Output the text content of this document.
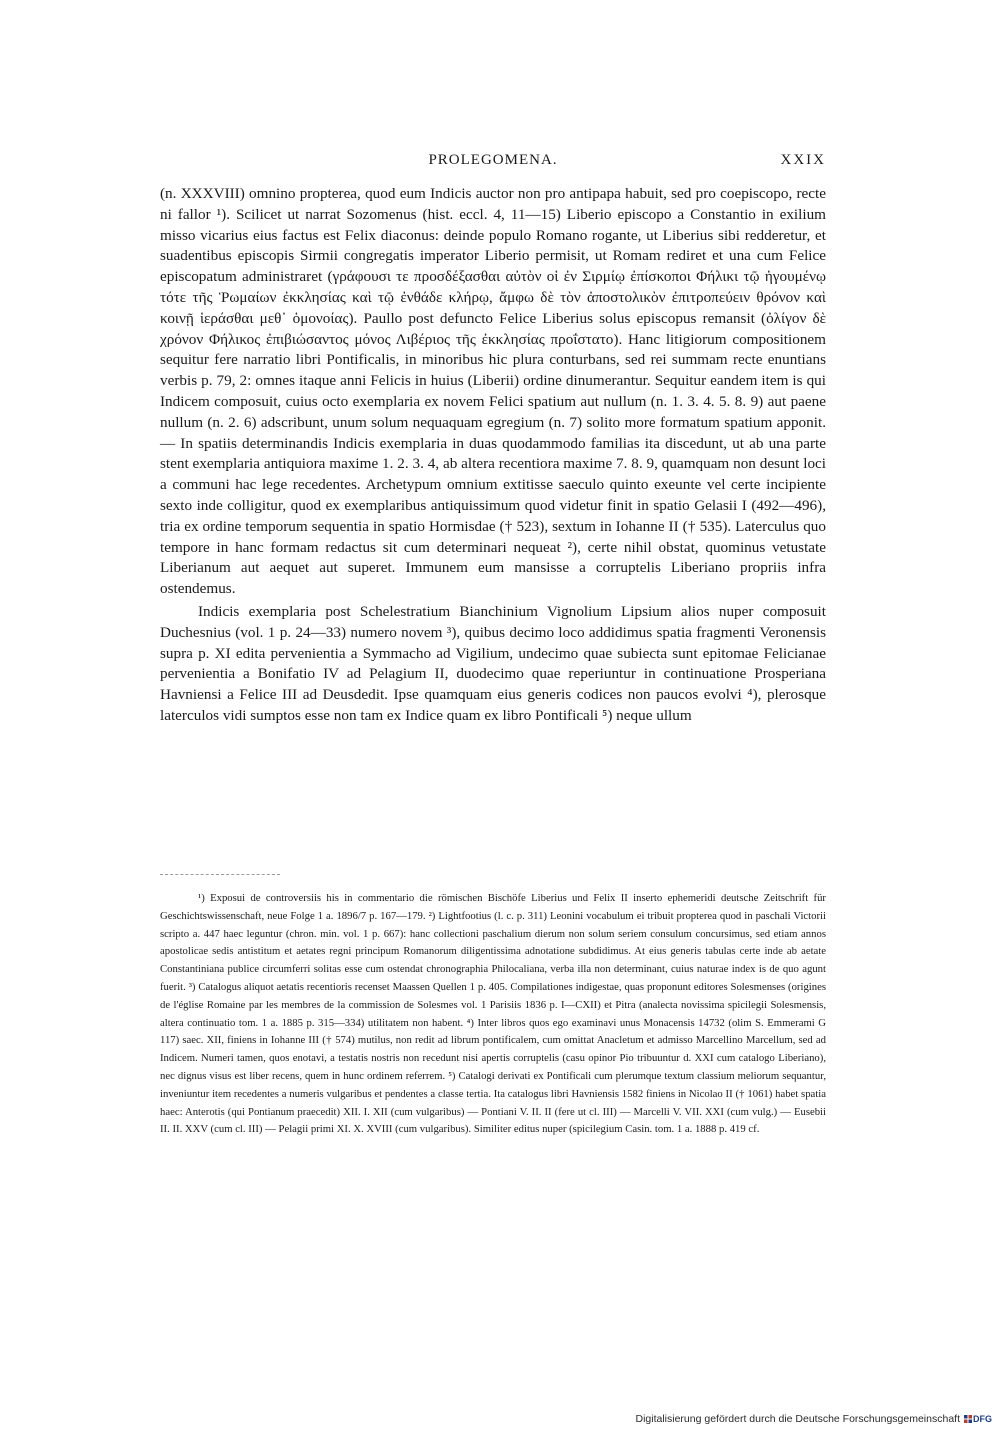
PROLEGOMENA.	XXIX

(n. XXXVIII) omnino propterea, quod eum Indicis auctor non pro antipapa habuit, sed pro coepiscopo, recte ni fallor ¹). Scilicet ut narrat Sozomenus (hist. eccl. 4, 11—15) Liberio episcopo a Constantio in exilium misso vicarius eius factus est Felix diaconus: deinde populo Romano rogante, ut Liberius sibi redderetur, et suadentibus episcopis Sirmii congregatis imperator Liberio permisit, ut Romam rediret et una cum Felice episcopatum administraret (γράφουσι τε προσδέξασθαι αὐτὸν οἱ ἐν Σιρμίῳ ἐπίσκοποι Φήλικι τῷ ἡγουμένῳ τότε τῆς Ῥωμαίων ἐκκλησίας καὶ τῷ ἐνθάδε κλήρῳ, ἄμφω δὲ τὸν ἀποστολικὸν ἐπιτροπεύειν θρόνον καὶ κοινῇ ἱεράσθαι μεθ᾽ ὁμονοίας). Paullo post defuncto Felice Liberius solus episcopus remansit (ὀλίγον δὲ χρόνον Φήλικος ἐπιβιώσαντος μόνος Λιβέριος τῆς ἐκκλησίας προΐστατο). Hanc litigiorum compositionem sequitur fere narratio libri Pontificalis, in minoribus hic plura conturbans, sed rei summam recte enuntians verbis p. 79, 2: omnes itaque anni Felicis in huius (Liberii) ordine dinumerantur. Sequitur eandem item is qui Indicem composuit, cuius octo exemplaria ex novem Felici spatium aut nullum (n. 1. 3. 4. 5. 8. 9) aut paene nullum (n. 2. 6) adscribunt, unum solum nequaquam egregium (n. 7) solito more formatum spatium apponit. — In spatiis determinandis Indicis exemplaria in duas quodammodo familias ita discedunt, ut ab una parte stent exemplaria antiquiora maxime 1. 2. 3. 4, ab altera recentiora maxime 7. 8. 9, quamquam non desunt loci a communi hac lege recedentes. Archetypum omnium extitisse saeculo quinto exeunte vel certe incipiente sexto inde colligitur, quod ex exemplaribus antiquissimum quod videtur finit in spatio Gelasii I (492—496), tria ex ordine temporum sequentia in spatio Hormisdae († 523), sextum in Iohanne II († 535). Laterculus quo tempore in hanc formam redactus sit cum determinari nequeat ²), certe nihil obstat, quominus vetustate Liberianum aut aequet aut superet. Immunem eum mansisse a corruptelis Liberiano propriis infra ostendemus.

Indicis exemplaria post Schelestratium Bianchinium Vignolium Lipsium alios nuper composuit Duchesnius (vol. 1 p. 24—33) numero novem ³), quibus decimo loco addidimus spatia fragmenti Veronensis supra p. XI edita pervenientia a Symmacho ad Vigilium, undecimo quae subiecta sunt epitomae Felicianae pervenientia a Bonifatio IV ad Pelagium II, duodecimo quae reperiuntur in continuatione Prosperiana Havniensi a Felice III ad Deusdedit. Ipse quamquam eius generis codices non paucos evolvi ⁴), plerosque laterculos vidi sumptos esse non tam ex Indice quam ex libro Pontificali ⁵) neque ullum

¹) Exposui de controversiis his in commentario die römischen Bischöfe Liberius und Felix II inserto ephemeridi deutsche Zeitschrift für Geschichtswissenschaft, neue Folge 1 a. 1896/7 p. 167—179. ²) Lightfootius (l. c. p. 311) Leonini vocabulum ei tribuit propterea quod in paschali Victorii scripto a. 447 haec leguntur (chron. min. vol. 1 p. 667): hanc collectioni paschalium dierum non solum seriem consulum concursimus, sed etiam annos apostolicae sedis antistitum et aetates regni principum Romanorum diligentissima adnotatione subdidimus. At eius generis tabulas certe inde ab aetate Constantiniana publice circumferri solitas esse cum ostendat chronographia Philocaliana, verba illa non determinant, cuius naturae index is de quo agunt fuerit. ³) Catalogus aliquot aetatis recentioris recenset Maassen Quellen 1 p. 405. Compilationes indigestae, quas proponunt editores Solesmenses (origines de l'église Romaine par les membres de la commission de Solesmes vol. 1 Parisiis 1836 p. I—CXII) et Pitra (analecta novissima spicilegii Solesmensis, altera continuatio tom. 1 a. 1885 p. 315—334) utilitatem non habent. ⁴) Inter libros quos ego examinavi unus Monacensis 14732 (olim S. Emmerami G 117) saec. XII, finiens in Iohanne III († 574) mutilus, non redit ad librum pontificalem, cum omittat Anacletum et admisso Marcellino Marcellum, sed ad Indicem. Numeri tamen, quos enotavi, a testatis nostris non recedunt nisi apertis corruptelis (casu opinor Pio tribuuntur d. XXI cum catalogo Liberiano), nec dignus visus est liber recens, quem in hunc ordinem referrem. ⁵) Catalogi derivati ex Pontificali cum plerumque textum classium meliorum sequantur, inveniuntur item recedentes a numeris vulgaribus et pendentes a classe tertia. Ita catalogus libri Havniensis 1582 finiens in Nicolao II († 1061) habet spatia haec: Anterotis (qui Pontianum praecedit) XII. I. XII (cum vulgaribus) — Pontiani V. II. II (fere ut cl. III) — Marcelli V. VII. XXI (cum vulg.) — Eusebii II. II. XXV (cum cl. III) — Pelagii primi XI. X. XVIII (cum vulgaribus). Similiter editus nuper (spicilegium Casin. tom. 1 a. 1888 p. 419 cf.

Digitalisierung gefördert durch die Deutsche Forschungsgemeinschaft DFG
